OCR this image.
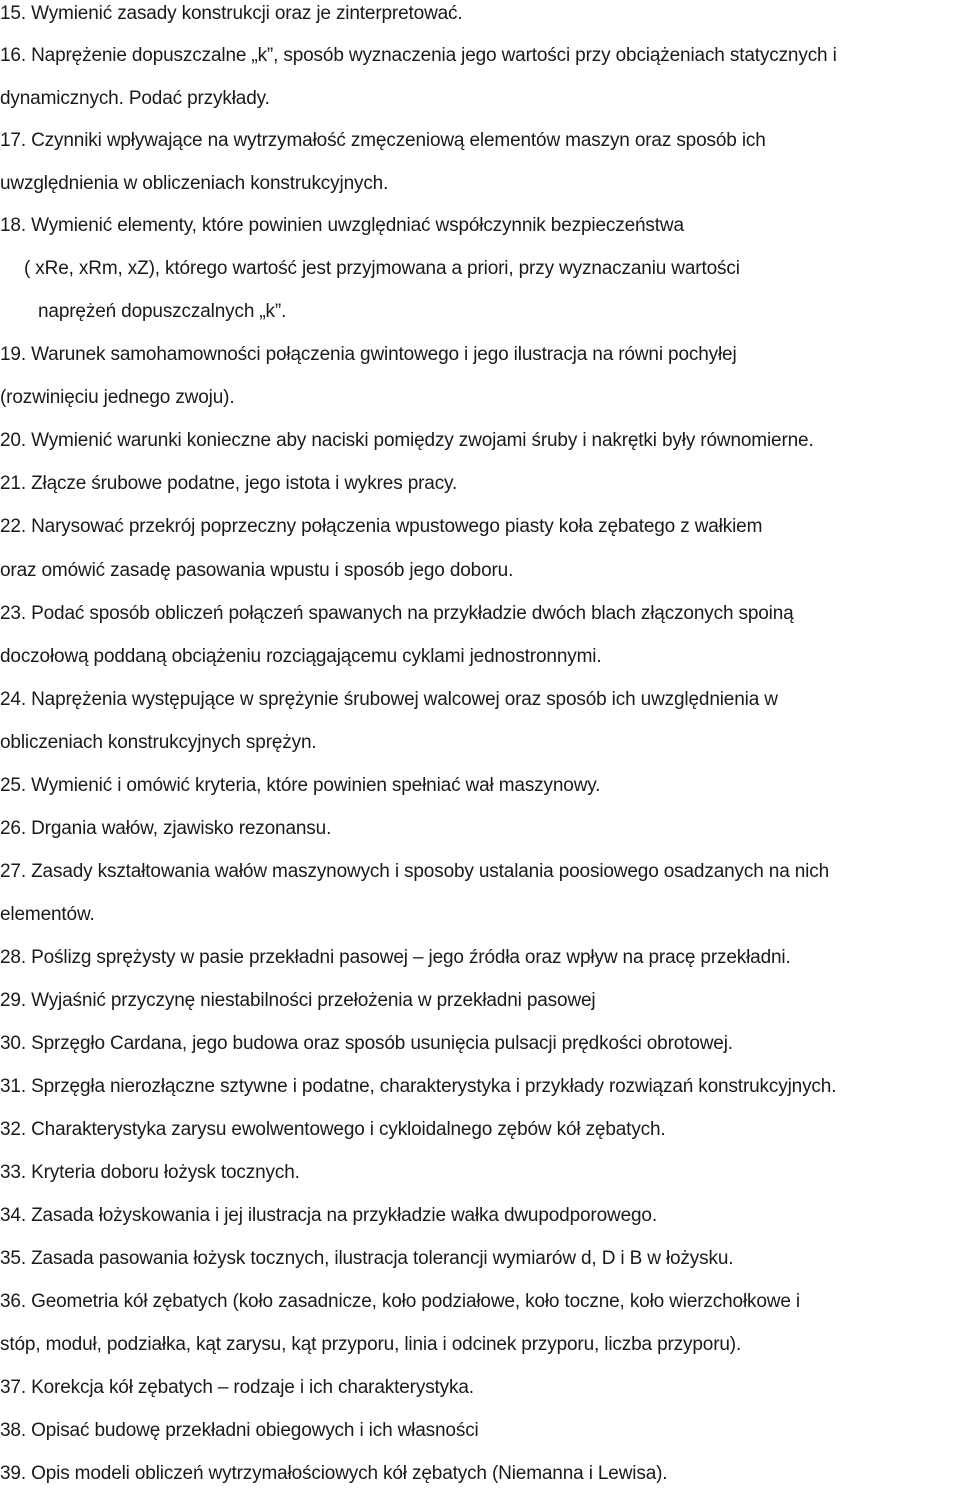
15. Wymienić zasady konstrukcji oraz je zinterpretować.
16. Naprężenie dopuszczalne „k”, sposób wyznaczenia jego wartości przy obciążeniach statycznych i
dynamicznych. Podać przykłady.
17. Czynniki wpływające na wytrzymałość zmęczeniową elementów maszyn oraz sposób ich
uwzględnienia w obliczeniach konstrukcyjnych.
18. Wymienić elementy, które powinien uwzględniać współczynnik bezpieczeństwa
( xRe, xRm, xZ), którego wartość jest przyjmowana a priori, przy wyznaczaniu wartości
naprężeń dopuszczalnych „k”.
19. Warunek samohamowności połączenia gwintowego i jego ilustracja na równi pochyłej
(rozwinięciu jednego zwoju).
20. Wymienić warunki konieczne aby naciski pomiędzy zwojami śruby i nakrętki były równomierne.
21. Złącze śrubowe podatne, jego istota i wykres pracy.
22. Narysować przekrój poprzeczny połączenia wpustowego piasty koła zębatego z wałkiem
oraz omówić zasadę pasowania wpustu i sposób jego doboru.
23. Podać sposób obliczeń połączeń spawanych na przykładzie dwóch blach złączonych spoiną
doczołową poddaną obciążeniu rozciągającemu cyklami jednostronnymi.
24. Naprężenia występujące w sprężynie śrubowej walcowej oraz sposób ich uwzględnienia w
obliczeniach konstrukcyjnych sprężyn.
25. Wymienić i omówić kryteria, które powinien spełniać wał maszynowy.
26. Drgania wałów, zjawisko rezonansu.
27. Zasady kształtowania wałów maszynowych i sposoby ustalania poosiowego osadzanych na nich
elementów.
28. Poślizg sprężysty w pasie przekładni pasowej – jego źródła oraz wpływ na pracę przekładni.
29. Wyjaśnić przyczynę niestabilności przełożenia w przekładni pasowej
30. Sprzęgło Cardana, jego budowa oraz sposób usunięcia pulsacji prędkości obrotowej.
31. Sprzęgła nierozłączne sztywne i podatne, charakterystyka i przykłady rozwiązań konstrukcyjnych.
32. Charakterystyka zarysu ewolwentowego i cykloidalnego zębów kół zębatych.
33. Kryteria doboru łożysk tocznych.
34. Zasada łożyskowania i jej ilustracja na przykładzie wałka dwupodporowego.
35. Zasada pasowania łożysk tocznych, ilustracja tolerancji wymiarów d, D i B w łożysku.
36. Geometria kół zębatych (koło zasadnicze, koło podziałowe, koło toczne, koło wierzchołkowe i
stóp, moduł, podziałka, kąt zarysu, kąt przyporu, linia i odcinek przyporu, liczba przyporu).
37. Korekcja kół zębatych – rodzaje i ich charakterystyka.
38. Opisać budowę przekładni obiegowych i ich własności
39. Opis modeli obliczeń wytrzymałościowych kół zębatych (Niemanna i Lewisa).
